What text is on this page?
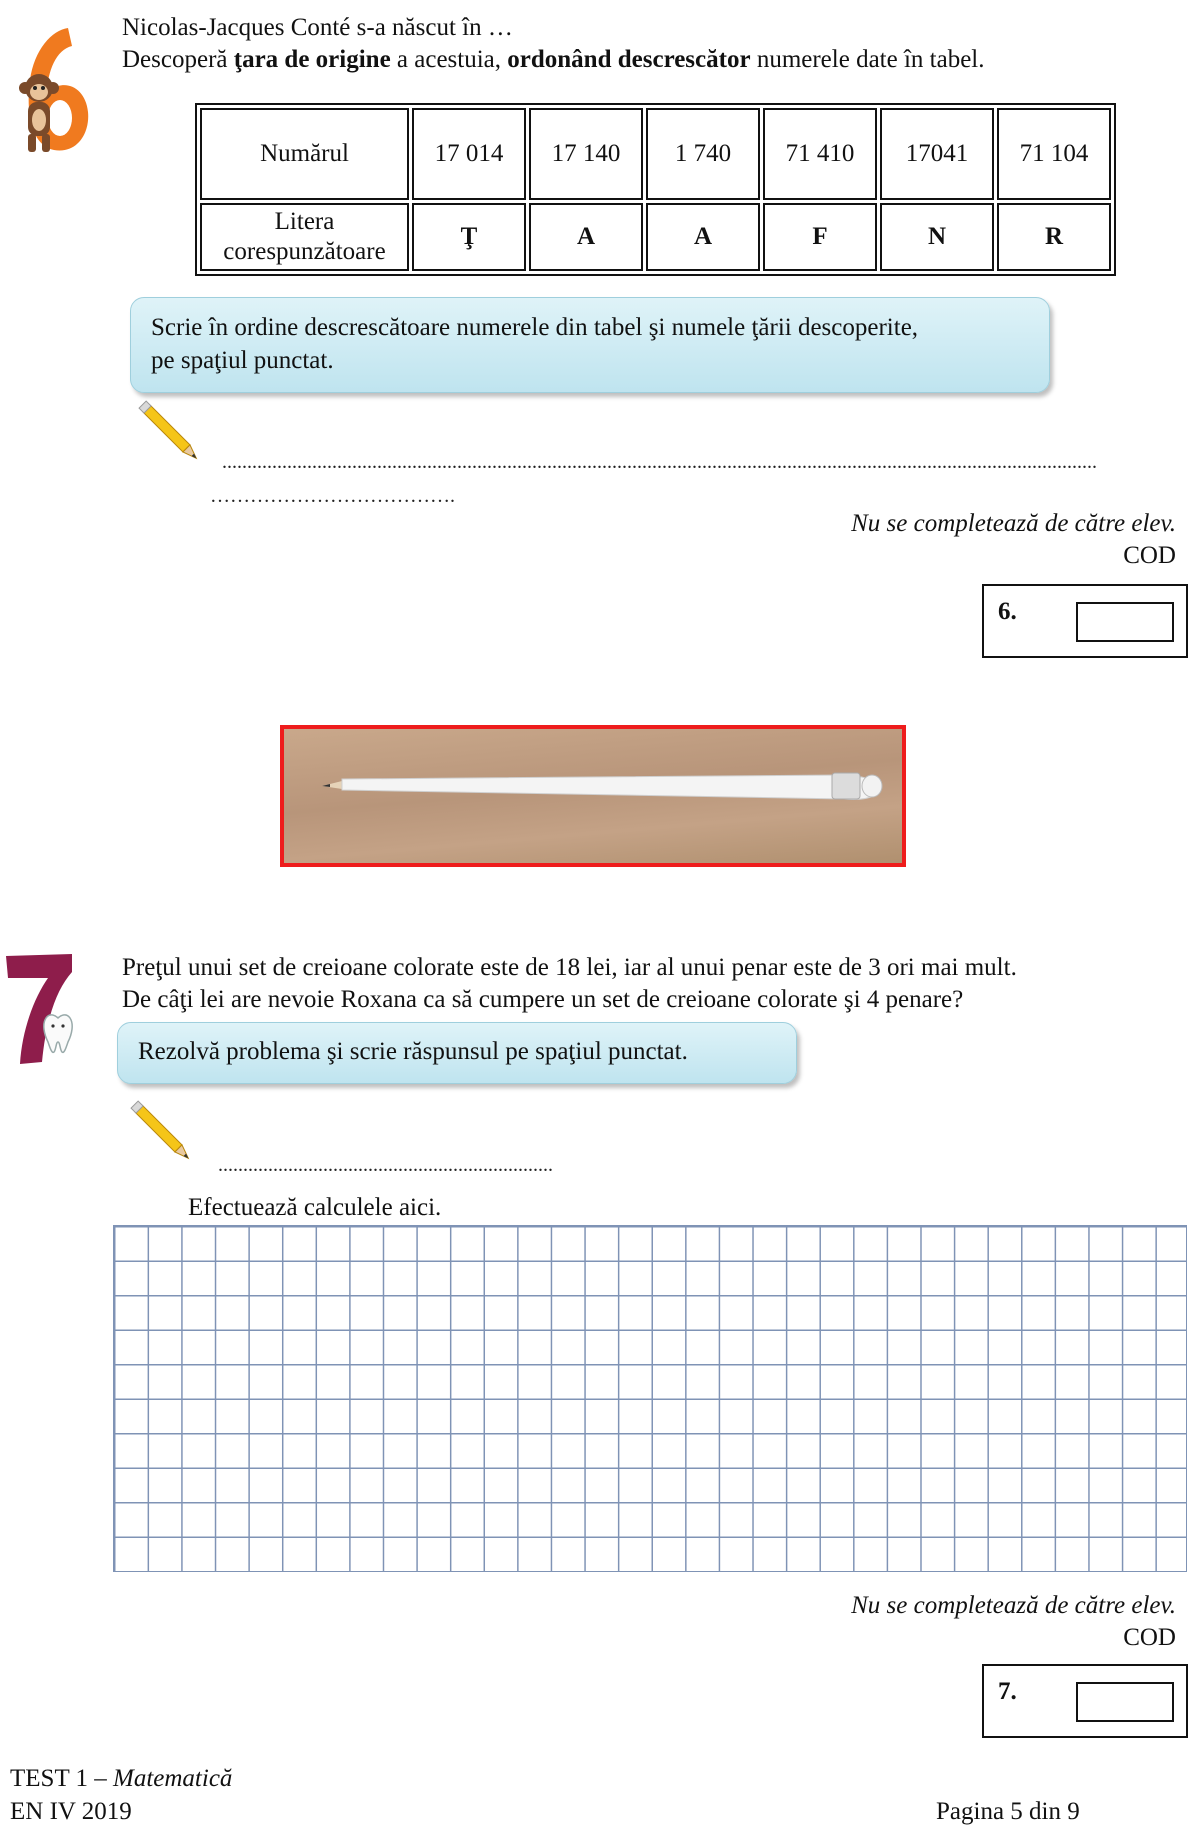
Nicolas-Jacques Conté s-a născut în …
Descoperă ţara de origine a acestuia, ordonând descrescător numerele date în tabel.
Numărul	17 014	17 140	1 740	71 410	17041	71 104

Litera
corespunzătoare	Ţ	A	A	F	N	R
Scrie în ordine descrescătoare numerele din tabel şi numele ţării descoperite,
pe spaţiul punctat.
...............................................................................................................................................................................
……………………………….
Nu se completează de către elev.
COD
6.
Preţul unui set de creioane colorate este de 18 lei, iar al unui penar este de 3 ori mai mult.
De câţi lei are nevoie Roxana ca să cumpere un set de creioane colorate şi 4 penare?
Rezolvă problema şi scrie răspunsul pe spaţiul punctat.
...................................................................
Efectuează calculele aici.
Nu se completează de către elev.
COD
7.
TEST 1 – Matematică
EN IV 2019	Pagina 5 din 9
